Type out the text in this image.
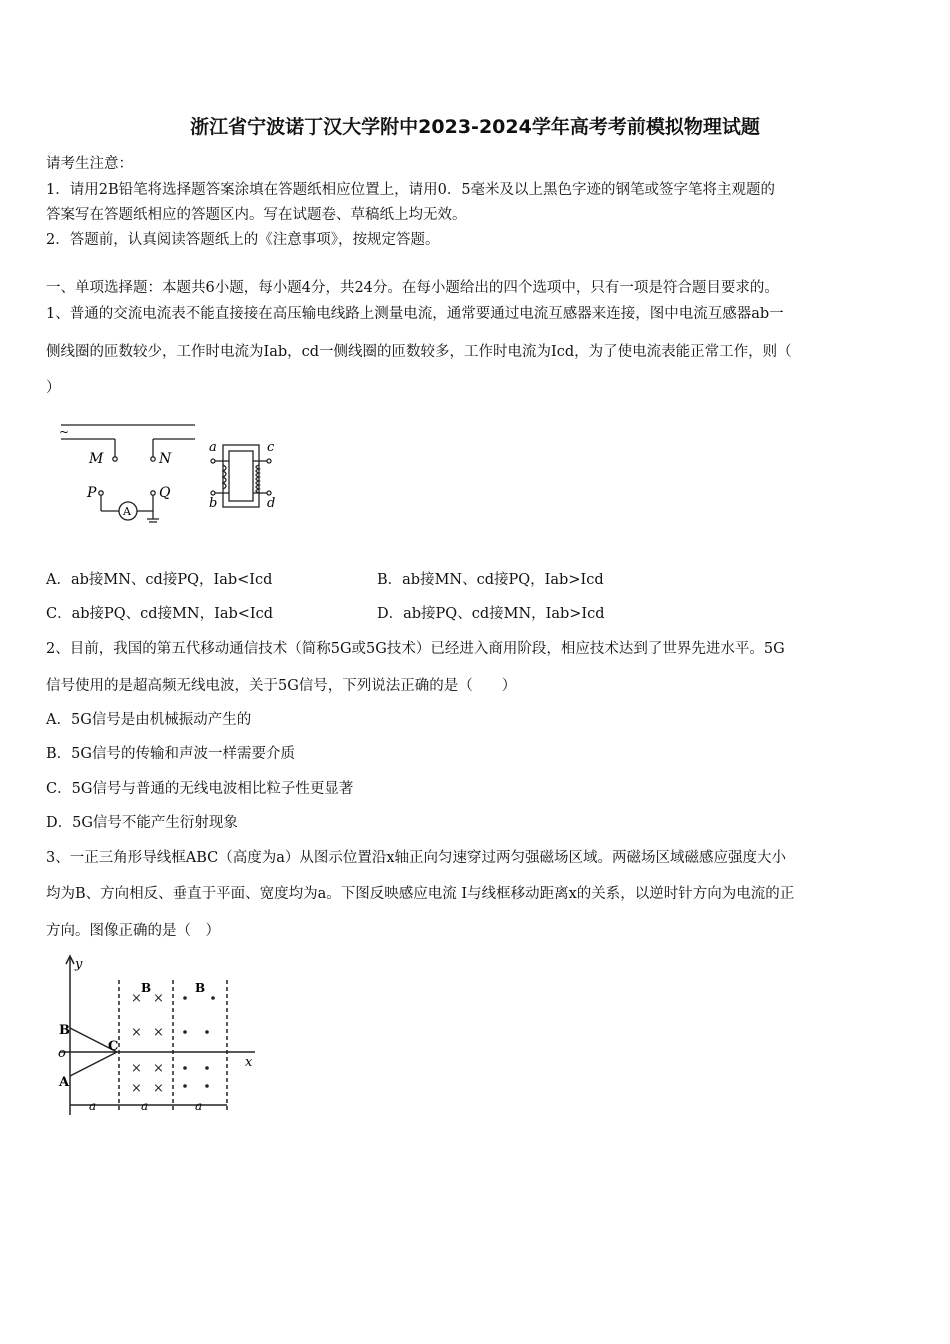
浙江省宁波诺丁汉大学附中2023-2024学年高考考前模拟物理试题
请考生注意：
1．请用2B铅笔将选择题答案涂填在答题纸相应位置上，请用0．5毫米及以上黑色字迹的钢笔或签字笔将主观题的
答案写在答题纸相应的答题区内。写在试题卷、草稿纸上均无效。
2．答题前，认真阅读答题纸上的《注意事项》，按规定答题。
一、单项选择题：本题共6小题，每小题4分，共24分。在每小题给出的四个选项中，只有一项是符合题目要求的。
1、普通的交流电流表不能直接接在高压输电线路上测量电流，通常要通过电流互感器来连接，图中电流互感器ab一
侧线圈的匝数较少，工作时电流为Iab，cd一侧线圈的匝数较多，工作时电流为Icd，为了使电流表能正常工作，则（
）
~
M	N
P	Q
A
a
b
c
d
A．ab接MN、cd接PQ，Iab<Icd	B．ab接MN、cd接PQ，Iab>Icd
C．ab接PQ、cd接MN，Iab<Icd	D．ab接PQ、cd接MN，Iab>Icd
2、目前，我国的第五代移动通信技术（简称5G或5G技术）已经进入商用阶段，相应技术达到了世界先进水平。5G
信号使用的是超高频无线电波，关于5G信号，下列说法正确的是（　　）
A．5G信号是由机械振动产生的
B．5G信号的传输和声波一样需要介质
C．5G信号与普通的无线电波相比粒子性更显著
D．5G信号不能产生衍射现象
3、一正三角形导线框ABC（高度为a）从图示位置沿x轴正向匀速穿过两匀强磁场区域。两磁场区域磁感应强度大小
均为B、方向相反、垂直于平面、宽度均为a。下图反映感应电流 I与线框移动距离x的关系，以逆时针方向为电流的正
方向。图像正确的是（　）
× ×
× ×
× ×
× ×
y
x
o
B
A
C
B	B
a	a	a
